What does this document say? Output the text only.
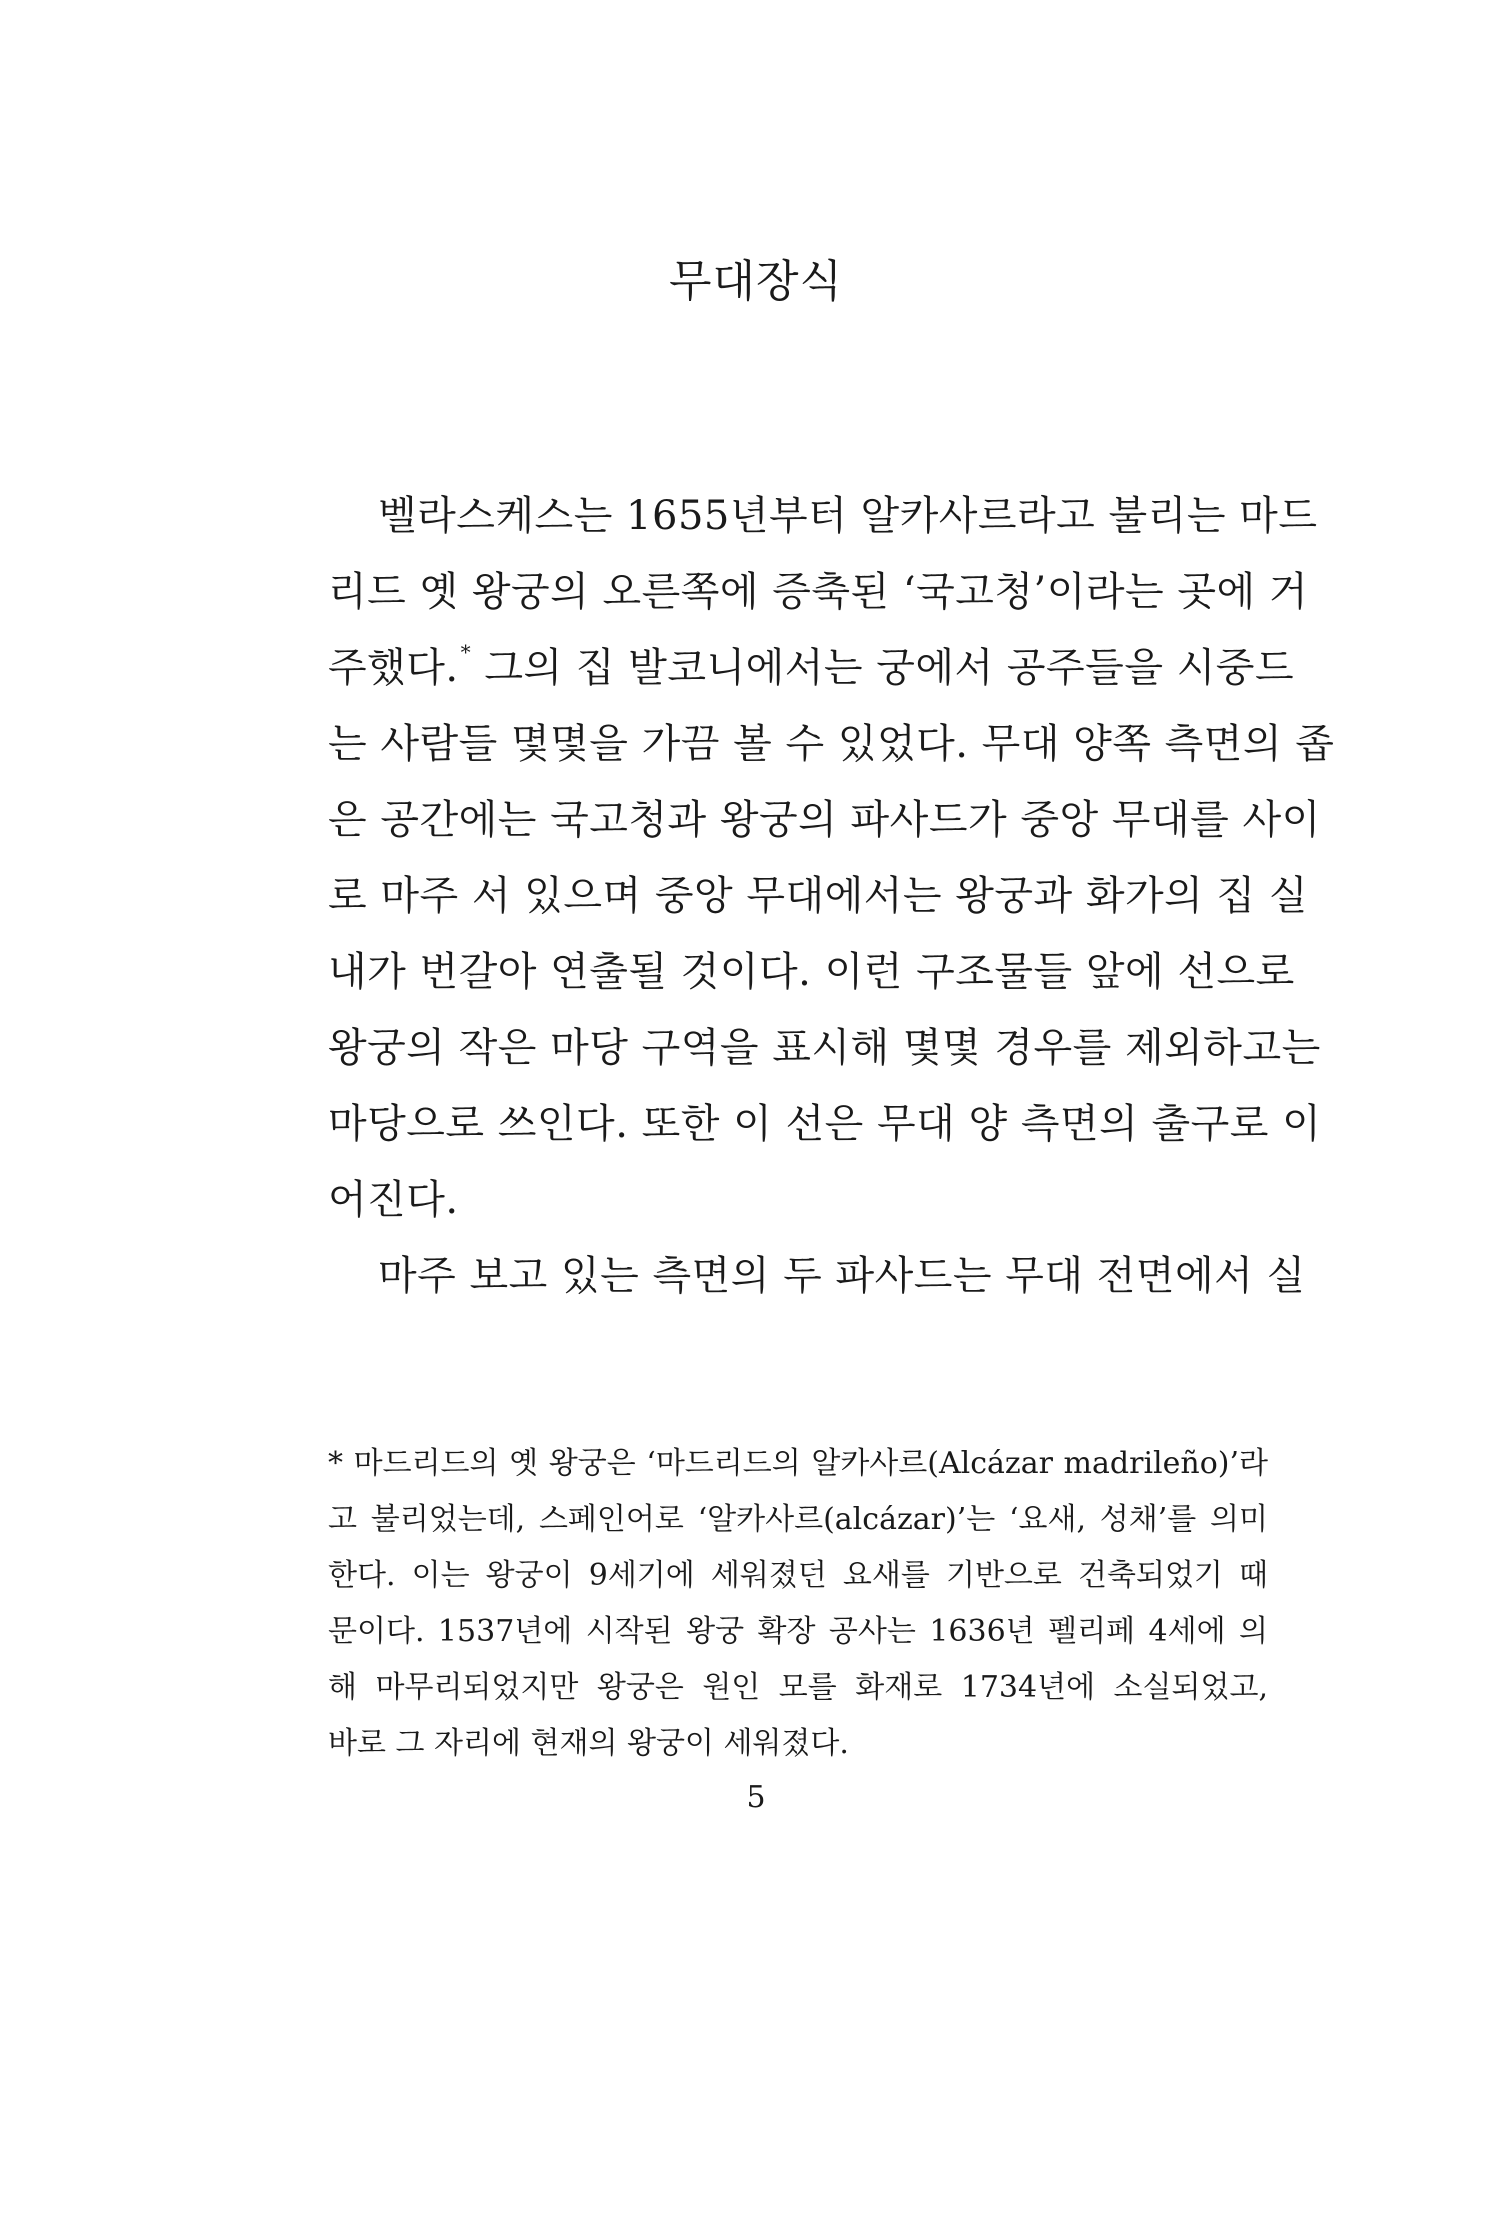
무대장식
벨라스케스는 1655년부터 알카사르라고 불리는 마드
리드 옛 왕궁의 오른쪽에 증축된 ‘국고청’이라는 곳에 거
주했다. * 그의 집 발코니에서는 궁에서 공주들을 시중드
는 사람들 몇몇을 가끔 볼 수 있었다. 무대 양쪽 측면의 좁
은 공간에는 국고청과 왕궁의 파사드가 중앙 무대를 사이
로 마주 서 있으며 중앙 무대에서는 왕궁과 화가의 집 실
내가 번갈아 연출될 것이다. 이런 구조물들 앞에 선으로
왕궁의 작은 마당 구역을 표시해 몇몇 경우를 제외하고는
마당으로 쓰인다. 또한 이 선은 무대 양 측면의 출구로 이
어진다.
마주 보고 있는 측면의 두 파사드는 무대 전면에서 실
* 마드리드의 옛 왕궁은 ‘마드리드의 알카사르(Alcázar madrileño)’라
고 불리었는데, 스페인어로 ‘알카사르(alcázar)’는 ‘요새, 성채’를 의미
한다. 이는 왕궁이 9세기에 세워졌던 요새를 기반으로 건축되었기 때
문이다. 1537년에 시작된 왕궁 확장 공사는 1636년 펠리페 4세에 의
해 마무리되었지만 왕궁은 원인 모를 화재로 1734년에 소실되었고,
바로 그 자리에 현재의 왕궁이 세워졌다.
5
